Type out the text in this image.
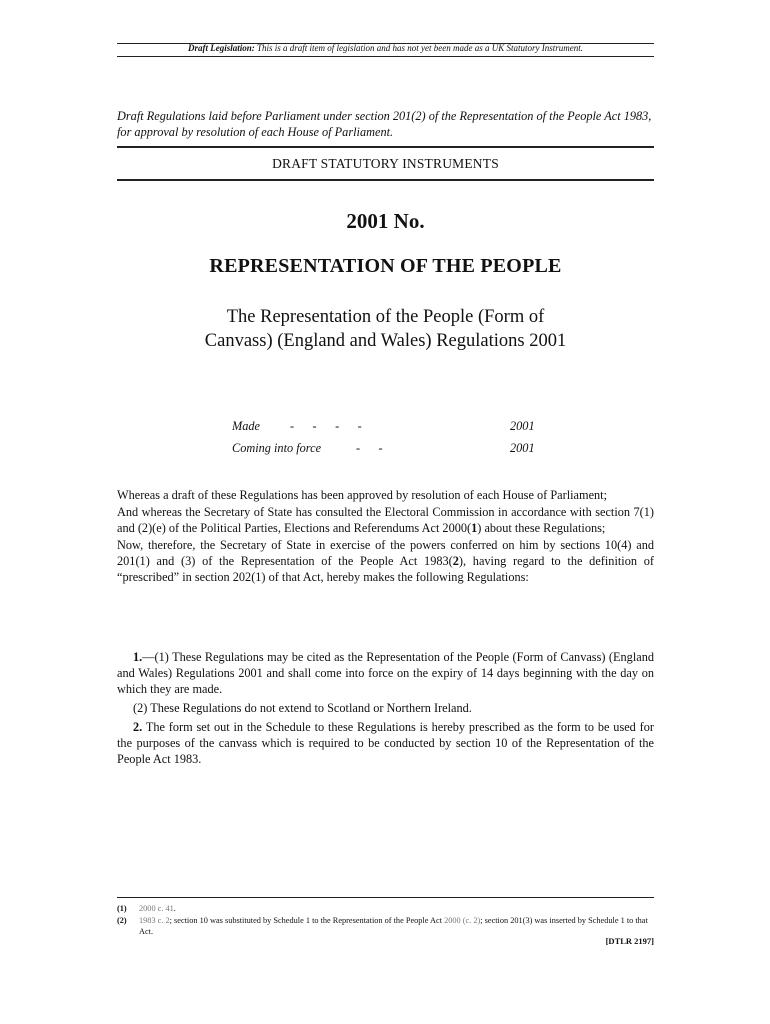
Draft Legislation: This is a draft item of legislation and has not yet been made as a UK Statutory Instrument.
Draft Regulations laid before Parliament under section 201(2) of the Representation of the People Act 1983, for approval by resolution of each House of Parliament.
DRAFT STATUTORY INSTRUMENTS
2001 No.
REPRESENTATION OF THE PEOPLE
The Representation of the People (Form of
Canvass) (England and Wales) Regulations 2001
Made -      -      -      -	2001
Coming into force	-      -	2001

Whereas a draft of these Regulations has been approved by resolution of each House of Parliament;

And whereas the Secretary of State has consulted the Electoral Commission in accordance with section 7(1) and (2)(e) of the Political Parties, Elections and Referendums Act 2000(1) about these Regulations;

Now, therefore, the Secretary of State in exercise of the powers conferred on him by sections 10(4) and 201(1) and (3) of the Representation of the People Act 1983(2), having regard to the definition of “prescribed” in section 202(1) of that Act, hereby makes the following Regulations:

1.—(1) These Regulations may be cited as the Representation of the People (Form of Canvass) (England and Wales) Regulations 2001 and shall come into force on the expiry of 14 days beginning with the day on which they are made.

(2) These Regulations do not extend to Scotland or Northern Ireland.

2. The form set out in the Schedule to these Regulations is hereby prescribed as the form to be used for the purposes of the canvass which is required to be conducted by section 10 of the Representation of the People Act 1983.

(1) 2000 c. 41.
(2) 1983 c. 2; section 10 was substituted by Schedule 1 to the Representation of the People Act 2000 (c. 2); section 201(3) was inserted by Schedule 1 to that Act.
[DTLR 2197]
